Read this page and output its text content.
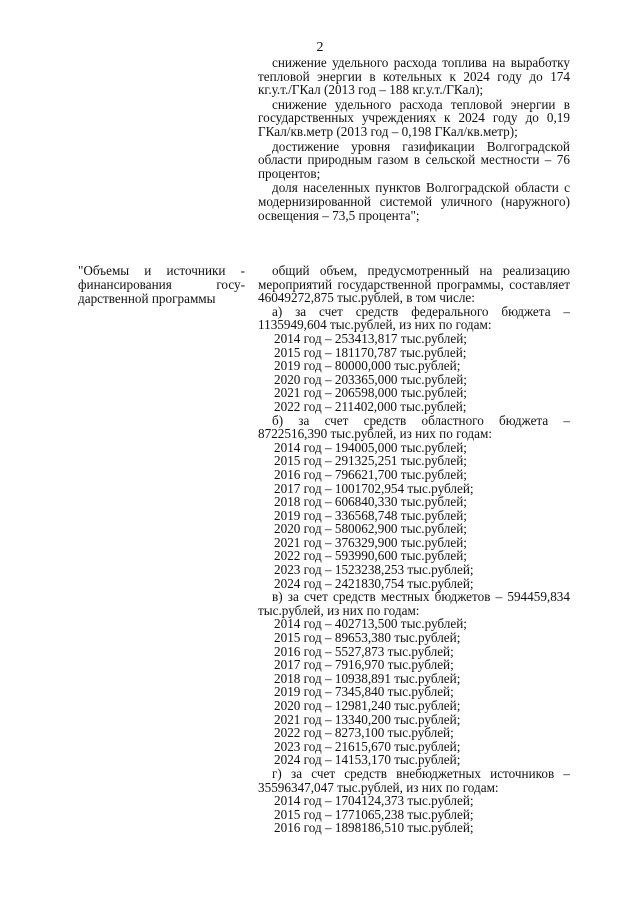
2
снижение удельного расхода топлива на выработку тепловой энергии в котельных к 2024 году до 174 кг.у.т./ГКал (2013 год – 188 кг.у.т./ГКал);
снижение удельного расхода тепловой энергии в государственных учреждениях к 2024 году до 0,19 ГКал/кв.метр (2013 год – 0,198 ГКал/кв.метр);
достижение уровня газификации Волгоградской области природным газом в сельской местности – 76 процентов;
доля населенных пунктов Волгоградской области с модернизированной системой уличного (наружного) освещения – 73,5 процента";
"Объемы и источники - финансирования госу- дарственной программы
общий объем, предусмотренный на реализацию мероприятий государственной программы, составляет 46049272,875 тыс.рублей, в том числе:
а) за счет средств федерального бюджета – 1135949,604 тыс.рублей, из них по годам:
2014 год – 253413,817 тыс.рублей;
2015 год – 181170,787 тыс.рублей;
2019 год – 80000,000 тыс.рублей;
2020 год – 203365,000 тыс.рублей;
2021 год – 206598,000 тыс.рублей;
2022 год – 211402,000 тыс.рублей;
б) за счет средств областного бюджета – 8722516,390 тыс.рублей, из них по годам:
2014 год – 194005,000 тыс.рублей;
2015 год – 291325,251 тыс.рублей;
2016 год – 796621,700 тыс.рублей;
2017 год – 1001702,954 тыс.рублей;
2018 год – 606840,330 тыс.рублей;
2019 год – 336568,748 тыс.рублей;
2020 год – 580062,900 тыс.рублей;
2021 год – 376329,900 тыс.рублей;
2022 год – 593990,600 тыс.рублей;
2023 год – 1523238,253 тыс.рублей;
2024 год – 2421830,754 тыс.рублей;
в) за счет средств местных бюджетов – 594459,834 тыс.рублей, из них по годам:
2014 год – 402713,500 тыс.рублей;
2015 год – 89653,380 тыс.рублей;
2016 год – 5527,873 тыс.рублей;
2017 год – 7916,970 тыс.рублей;
2018 год – 10938,891 тыс.рублей;
2019 год – 7345,840 тыс.рублей;
2020 год – 12981,240 тыс.рублей;
2021 год – 13340,200 тыс.рублей;
2022 год – 8273,100 тыс.рублей;
2023 год – 21615,670 тыс.рублей;
2024 год – 14153,170 тыс.рублей;
г) за счет средств внебюджетных источников – 35596347,047 тыс.рублей, из них по годам:
2014 год – 1704124,373 тыс.рублей;
2015 год – 1771065,238 тыс.рублей;
2016 год – 1898186,510 тыс.рублей;
